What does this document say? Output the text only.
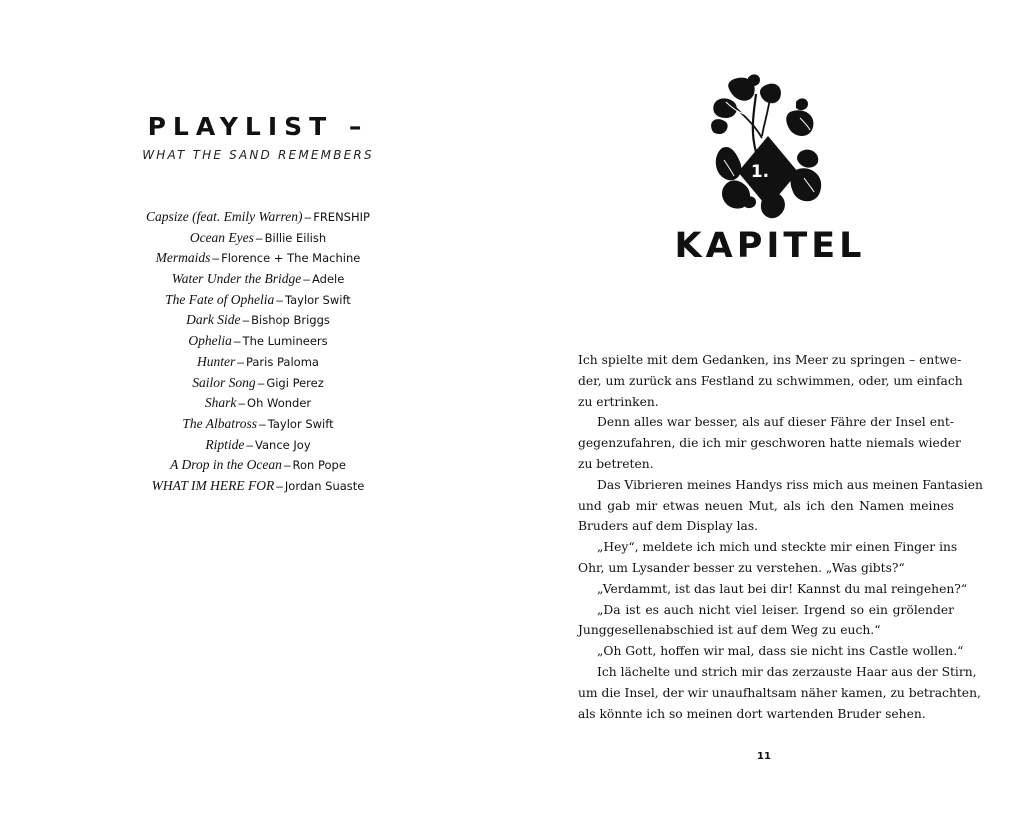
PLAYLIST –
WHAT THE SAND REMEMBERS
Capsize (feat. Emily Warren) – FRENSHIP
Ocean Eyes – Billie Eilish
Mermaids – Florence + The Machine
Water Under the Bridge – Adele
The Fate of Ophelia – Taylor Swift
Dark Side – Bishop Briggs
Ophelia – The Lumineers
Hunter – Paris Paloma
Sailor Song – Gigi Perez
Shark – Oh Wonder
The Albatross – Taylor Swift
Riptide – Vance Joy
A Drop in the Ocean – Ron Pope
WHAT IM HERE FOR – Jordan Suaste
1.
KAPITEL
Ich spielte mit dem Gedanken, ins Meer zu springen – entwe-
der, um zurück ans Festland zu schwimmen, oder, um einfach
zu ertrinken.
Denn alles war besser, als auf dieser Fähre der Insel ent-
gegenzufahren, die ich mir geschworen hatte niemals wieder
zu betreten.
Das Vibrieren meines Handys riss mich aus meinen Fantasien
und gab mir etwas neuen Mut, als ich den Namen meines
Bruders auf dem Display las.
„Hey“, meldete ich mich und steckte mir einen Finger ins
Ohr, um Lysander besser zu verstehen. „Was gibts?“
„Verdammt, ist das laut bei dir! Kannst du mal reingehen?“
„Da ist es auch nicht viel leiser. Irgend so ein grölender
Junggesellenabschied ist auf dem Weg zu euch.“
„Oh Gott, hoffen wir mal, dass sie nicht ins Castle wollen.“
Ich lächelte und strich mir das zerzauste Haar aus der Stirn,
um die Insel, der wir unaufhaltsam näher kamen, zu betrachten,
als könnte ich so meinen dort wartenden Bruder sehen.
11
